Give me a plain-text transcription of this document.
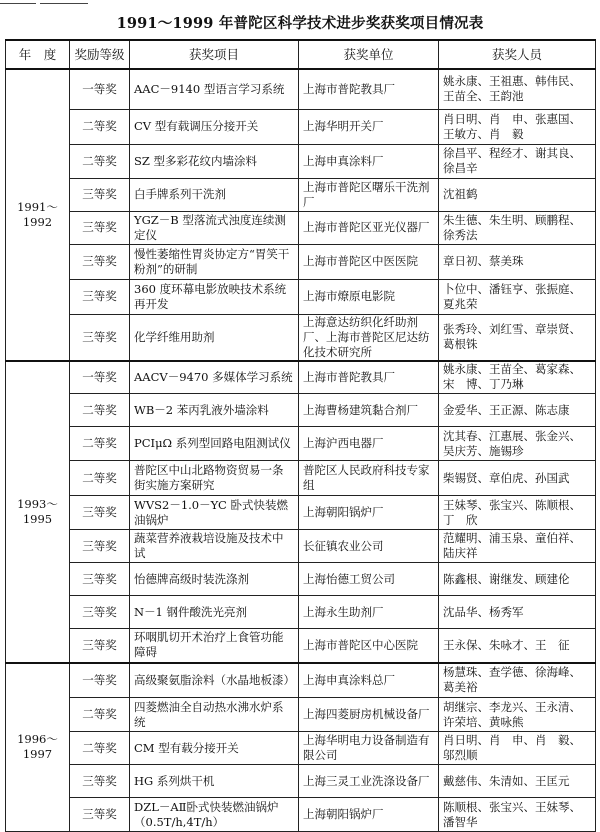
1991～1999 年普陀区科学技术进步奖获奖项目情况表
年　度	奖励等级	获奖项目	获奖单位	获奖人员
1991～1992	一等奖	AAC－9140 型语言学习系统	上海市普陀教具厂	姚永康、王祖惠、韩伟民、王苗全、王韵池
	二等奖	CV 型有载调压分接开关	上海华明开关厂	肖日明、肖　申、张惠国、王敏方、肖　毅
	二等奖	SZ 型多彩花纹内墙涂料	上海申真涂料厂	徐昌平、程经才、谢其良、徐昌辛
	三等奖	白手牌系列干洗剂	上海市普陀区曙乐干洗剂厂	沈祖鹤
	三等奖	YGZ－B 型落流式浊度连续测定仪	上海市普陀区亚光仪器厂	朱生德、朱生明、顾鹏程、徐秀法
	三等奖	慢性萎缩性胃炎协定方“胃笑干粉剂”的研制	上海市普陀区中医医院	章日初、蔡美珠
	三等奖	360 度环幕电影放映技术系统再开发	上海市燎原电影院	卜位中、潘钰亨、张振庭、夏兆荣
	三等奖	化学纤维用助剂	上海意达纺织化纤助剂厂、上海市普陀区尼达纺化技术研究所	张秀玲、刘红雪、章崇贤、葛根铢
1993～1995	一等奖	AACV－9470 多媒体学习系统	上海市普陀教具厂	姚永康、王苗全、葛家森、宋　博、丁乃琳
	二等奖	WB－2 苯丙乳液外墙涂料	上海曹杨建筑黏合剂厂	金爱华、王正源、陈志康
	二等奖	PCIμΩ 系列型回路电阻测试仪	上海沪西电器厂	沈其春、江惠展、张金兴、吴庆芳、施锡珍
	二等奖	普陀区中山北路物资贸易一条街实施方案研究	普陀区人民政府科技专家组	柴锡贤、章伯虎、孙国武
	三等奖	WVS2－1.0－YC 卧式快装燃油锅炉	上海朝阳锅炉厂	王妹琴、张宝兴、陈顺根、丁　欣
	三等奖	蔬菜营养液栽培设施及技术中试	长征镇农业公司	范耀明、浦玉泉、童伯祥、陆庆祥
	三等奖	怡德牌高级时装洗涤剂	上海怡德工贸公司	陈鑫根、谢继发、顾建伦
	三等奖	N－1 钢件酸洗光亮剂	上海永生助剂厂	沈品华、杨秀军
	三等奖	环咽肌切开术治疗上食管功能障碍	上海市普陀区中心医院	王永保、朱咏才、王　征
1996～1997	一等奖	高级聚氨脂涂料（水晶地板漆）	上海申真涂料总厂	杨慧珠、查学德、徐海峰、葛美裕
	二等奖	四菱燃油全自动热水沸水炉系统	上海四菱厨房机械设备厂	胡继宗、李龙兴、王永清、许荣培、黄咏熊
	二等奖	CM 型有载分接开关	上海华明电力设备制造有限公司	肖日明、肖　申、肖　毅、邬烈顺
	三等奖	HG 系列烘干机	上海三灵工业洗涤设备厂	戴慈伟、朱清如、王匡元
	三等奖	DZL－AⅡ卧式快装燃油锅炉（0.5T/h,4T/h）	上海朝阳锅炉厂	陈顺根、张宝兴、王妹琴、潘智华
